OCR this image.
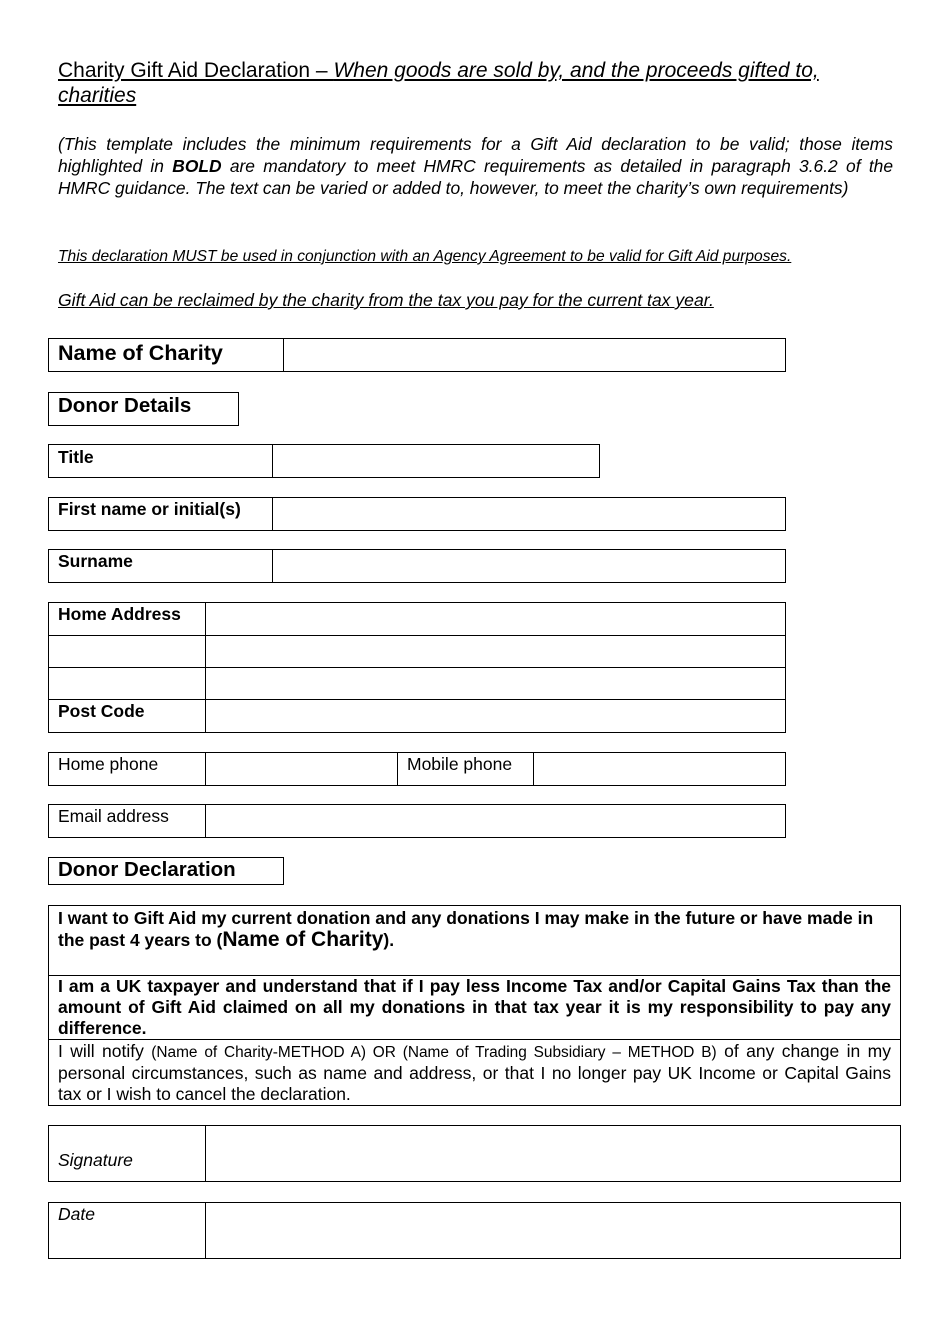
Charity Gift Aid Declaration – When goods are sold by, and the proceeds gifted to, charities
(This template includes the minimum requirements for a Gift Aid declaration to be valid; those items highlighted in BOLD are mandatory to meet HMRC requirements as detailed in paragraph 3.6.2 of the HMRC guidance. The text can be varied or added to, however, to meet the charity’s own requirements)
This declaration MUST be used in conjunction with an Agency Agreement to be valid for Gift Aid purposes.
Gift Aid can be reclaimed by the charity from the tax you pay for the current tax year.
Name of Charity	
Donor Details
Title	
First name or initial(s)	
Surname	
Home Address	

Post Code	
Home phone		Mobile phone	
Email address	
Donor Declaration
I want to Gift Aid my current donation and any donations I may make in the future or have made in the past 4 years to (Name of Charity).
I am a UK taxpayer and understand that if I pay less Income Tax and/or Capital Gains Tax than the amount of Gift Aid claimed on all my donations in that tax year it is my responsibility to pay any difference.
I will notify (Name of Charity-METHOD A) OR (Name of Trading Subsidiary – METHOD B) of any change in my personal circumstances, such as name and address, or that I no longer pay UK Income or Capital Gains tax or I wish to cancel the declaration.
Signature	
Date	
